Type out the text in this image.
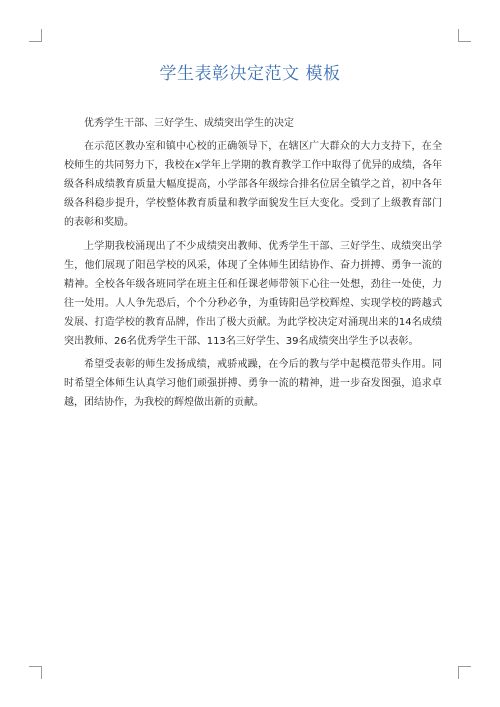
学生表彰决定范文 模板

优秀学生干部、三好学生、成绩突出学生的决定

在示范区教办室和镇中心校的正确领导下，在辖区广大群众的大力支持下，在全校师生的共同努力下，我校在x学年上学期的教育教学工作中取得了优异的成绩，各年级各科成绩教育质量大幅度提高，小学部各年级综合排名位居全镇学之首，初中各年级各科稳步提升，学校整体教育质量和教学面貌发生巨大变化。受到了上级教育部门的表彰和奖励。

上学期我校涌现出了不少成绩突出教师、优秀学生干部、三好学生、成绩突出学生，他们展现了阳邑学校的风采，体现了全体师生团结协作、奋力拼搏、勇争一流的精神。全校各年级各班同学在班主任和任课老师带领下心往一处想，劲往一处使，力往一处用。人人争先恐后，个个分秒必争，为重铸阳邑学校辉煌、实现学校的跨越式发展、打造学校的教育品牌，作出了极大贡献。为此学校决定对涌现出来的14名成绩突出教师、26名优秀学生干部、113名三好学生、39名成绩突出学生予以表彰。

希望受表彰的师生发扬成绩，戒骄戒躁，在今后的教与学中起模范带头作用。同时希望全体师生认真学习他们顽强拼搏、勇争一流的精神，进一步奋发图强，追求卓越，团结协作，为我校的辉煌做出新的贡献。
